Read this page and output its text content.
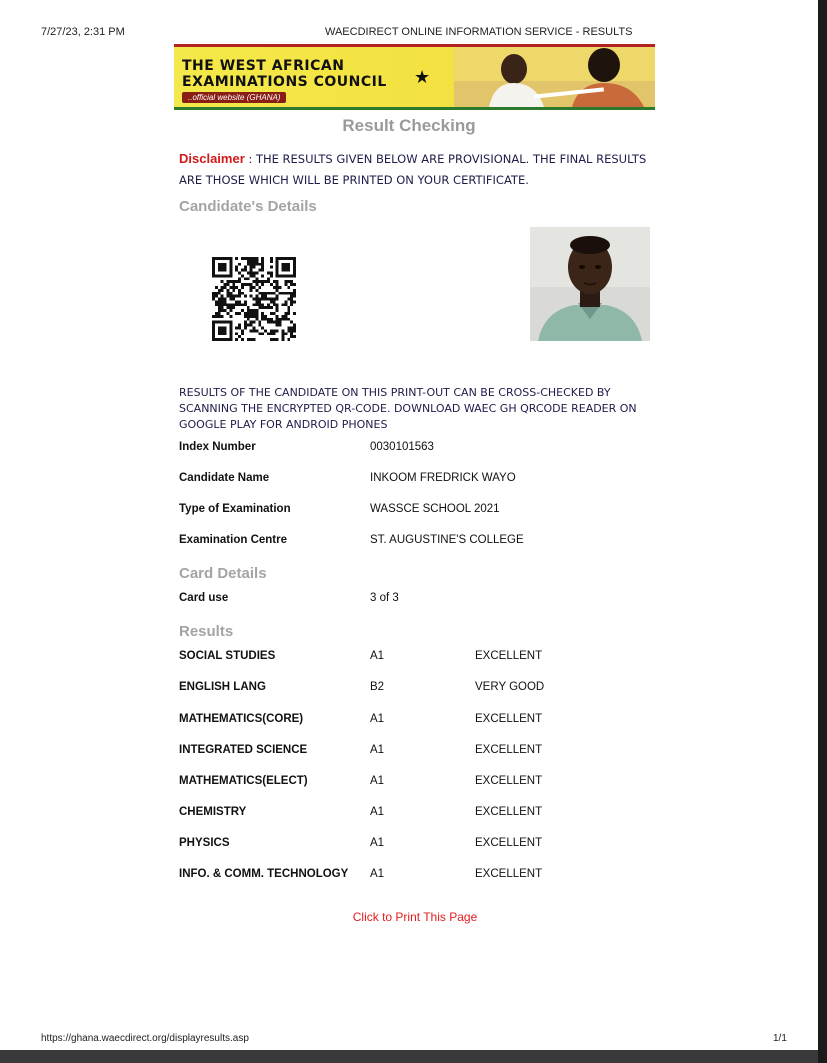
7/27/23, 2:31 PM	WAECDIRECT ONLINE INFORMATION SERVICE - RESULTS
THE WEST AFRICAN
EXAMINATIONS COUNCIL
..official website (GHANA)
★
Result Checking
Disclaimer : THE RESULTS GIVEN BELOW ARE PROVISIONAL. THE FINAL RESULTS ARE THOSE WHICH WILL BE PRINTED ON YOUR CERTIFICATE.
Candidate's Details
RESULTS OF THE CANDIDATE ON THIS PRINT-OUT CAN BE CROSS-CHECKED BY SCANNING THE ENCRYPTED QR-CODE. DOWNLOAD WAEC GH QRCODE READER ON GOOGLE PLAY FOR ANDROID PHONES
Index Number	0030101563
Candidate Name	INKOOM FREDRICK WAYO
Type of Examination	WASSCE SCHOOL 2021
Examination Centre	ST. AUGUSTINE'S COLLEGE
Card Details
Card use	3 of 3
Results
SOCIAL STUDIES	A1	EXCELLENT
ENGLISH LANG	B2	VERY GOOD
MATHEMATICS(CORE)	A1	EXCELLENT
INTEGRATED SCIENCE	A1	EXCELLENT
MATHEMATICS(ELECT)	A1	EXCELLENT
CHEMISTRY	A1	EXCELLENT
PHYSICS	A1	EXCELLENT
INFO. & COMM. TECHNOLOGY A1	EXCELLENT
Click to Print This Page
https://ghana.waecdirect.org/displayresults.asp	1/1
